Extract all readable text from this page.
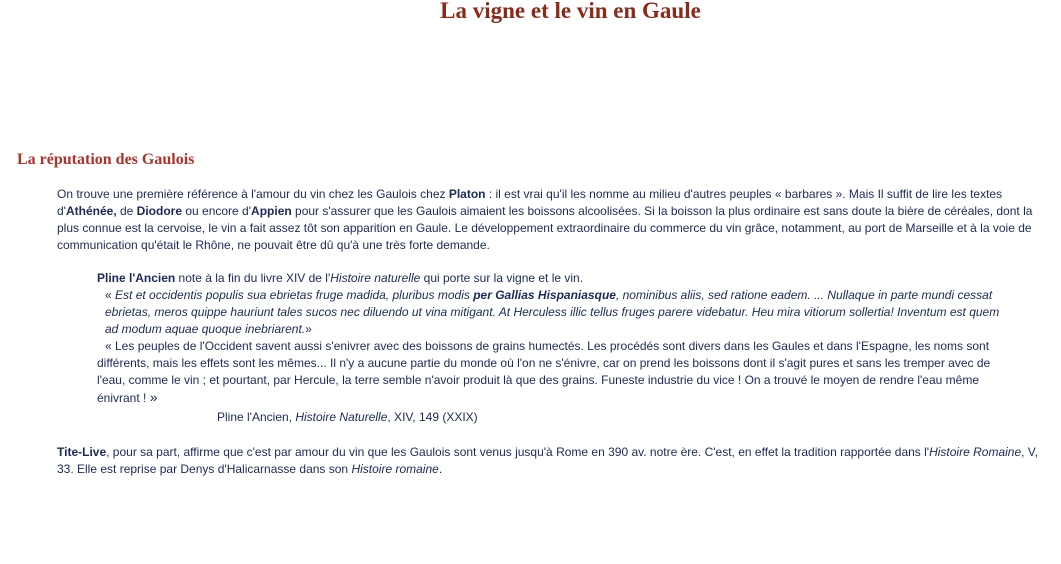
La vigne et le vin en Gaule
La réputation des Gaulois

On trouve une première référence à l'amour du vin chez les Gaulois chez Platon : il est vrai qu'il les nomme au milieu d'autres peuples « barbares ». Mais Il suffit de lire les textes d'Athénée, de Diodore ou encore d'Appien pour s'assurer que les Gaulois aimaient les boissons alcoolisées. Si la boisson la plus ordinaire est sans doute la bière de céréales, dont la plus connue est la cervoise, le vin a fait assez tôt son apparition en Gaule. Le développement extraordinaire du commerce du vin grâce, notamment, au port de Marseille et à la voie de communication qu'était le Rhône, ne pouvait être dû qu'à une très forte demande.

Pline l'Ancien note à la fin du livre XIV de l'Histoire naturelle qui porte sur la vigne et le vin.

« Est et occidentis populis sua ebrietas fruge madida, pluribus modis per Gallias Hispaniasque, nominibus aliis, sed ratione eadem. ... Nullaque in parte mundi cessat ebrietas, meros quippe hauriunt tales sucos nec diluendo ut vina mitigant. At Herculess illic tellus fruges parere videbatur. Heu mira vitiorum sollertia! Inventum est quem ad modum aquae quoque inebriarent.»

« Les peuples de l'Occident savent aussi s'enivrer avec des boissons de grains humectés. Les procédés sont divers dans les Gaules et dans l'Espagne, les noms sont différents, mais les effets sont les mêmes... Il n'y a aucune partie du monde où l'on ne s'énivre, car on prend les boissons dont il s'agit pures et sans les tremper avec de l'eau, comme le vin ; et pourtant, par Hercule, la terre semble n'avoir produit là que des grains. Funeste industrie du vice ! On a trouvé le moyen de rendre l'eau même énivrant ! »

Pline l'Ancien, Histoire Naturelle, XIV, 149 (XXIX)

Tite-Live, pour sa part, affirme que c'est par amour du vin que les Gaulois sont venus jusqu'à Rome en 390 av. notre ère. C'est, en effet la tradition rapportée dans l'Histoire Romaine, V, 33. Elle est reprise par Denys d'Halicarnasse dans son Histoire romaine.
